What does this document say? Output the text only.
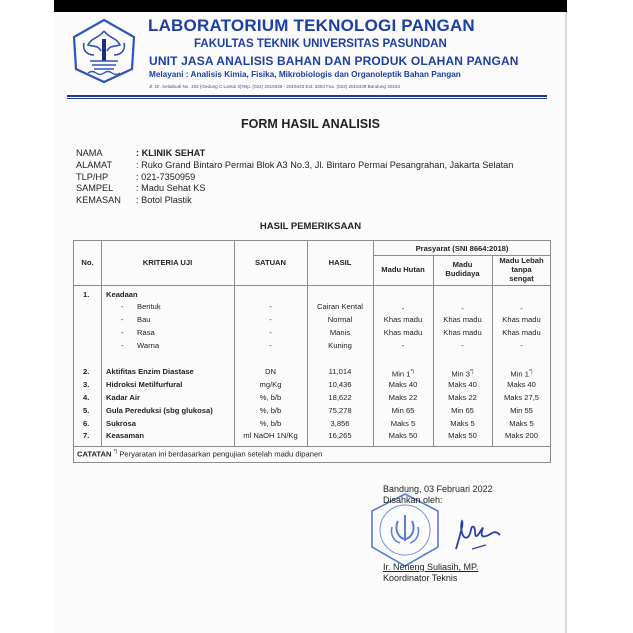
LABORATORIUM TEKNOLOGI PANGAN
FAKULTAS TEKNIK UNIVERSITAS PASUNDAN
UNIT JASA ANALISIS BAHAN DAN PRODUK OLAHAN PANGAN
Melayani : Analisis Kimia, Fisika, Mikrobiologis dan Organoleptik Bahan Pangan
Jl. Dr. Setiabudi No. 193 (Gedung C Lantai 3)Telp. (022) 2019339 - 2019433 Ext. 3304 Fax. (022) 2019339 Bandung 40153
FORM HASIL ANALISIS
NAMA	: KLINIK SEHAT
ALAMAT	: Ruko Grand Bintaro Permai Blok A3 No.3, Jl. Bintaro Permai Pesangrahan, Jakarta Selatan
TLP/HP	: 021-7350959
SAMPEL : Madu Sehat KS
KEMASAN : Botol Plastik
HASIL PEMERIKSAAN
No.	KRITERIA UJI	SATUAN	HASIL
Prasyarat (SNI 8664:2018)
Madu Hutan
Madu
Budidaya
Madu Lebah
tanpa
sengat
1. Keadaan
- Bentuk	-	Cairan Kental	-	-	-
- Bau	-	Normal	Khas madu	Khas madu	Khas madu
- Rasa	-	Manis	Khas madu	Khas madu	Khas madu
- Warna	-	Kuning	-	-	-
2. Aktifitas Enzim Diastase	DN	11,014	Min 1*)	Min 3*)	Min 1*)
3. Hidroksi Metilfurfural	mg/Kg	10,436	Maks 40	Maks 40	Maks 40
4. Kadar Air	%, b/b	18,622	Maks 22	Maks 22	Maks 27,5
5. Gula Pereduksi (sbg glukosa)	%, b/b	75,278	Min 65	Min 65	Min 55
6. Sukrosa	%, b/b	3,856	Maks 5	Maks 5	Maks 5
7. Keasaman	ml NaOH 1N/Kg	16,265	Maks 50	Maks 50	Maks 200
CATATAN *) Peryaratan ini berdasarkan pengujian setelah madu dipanen
Bandung, 03 Februari 2022
Disahkan oleh:
Ir. Neneng Suliasih, MP.
Koordinator Teknis
